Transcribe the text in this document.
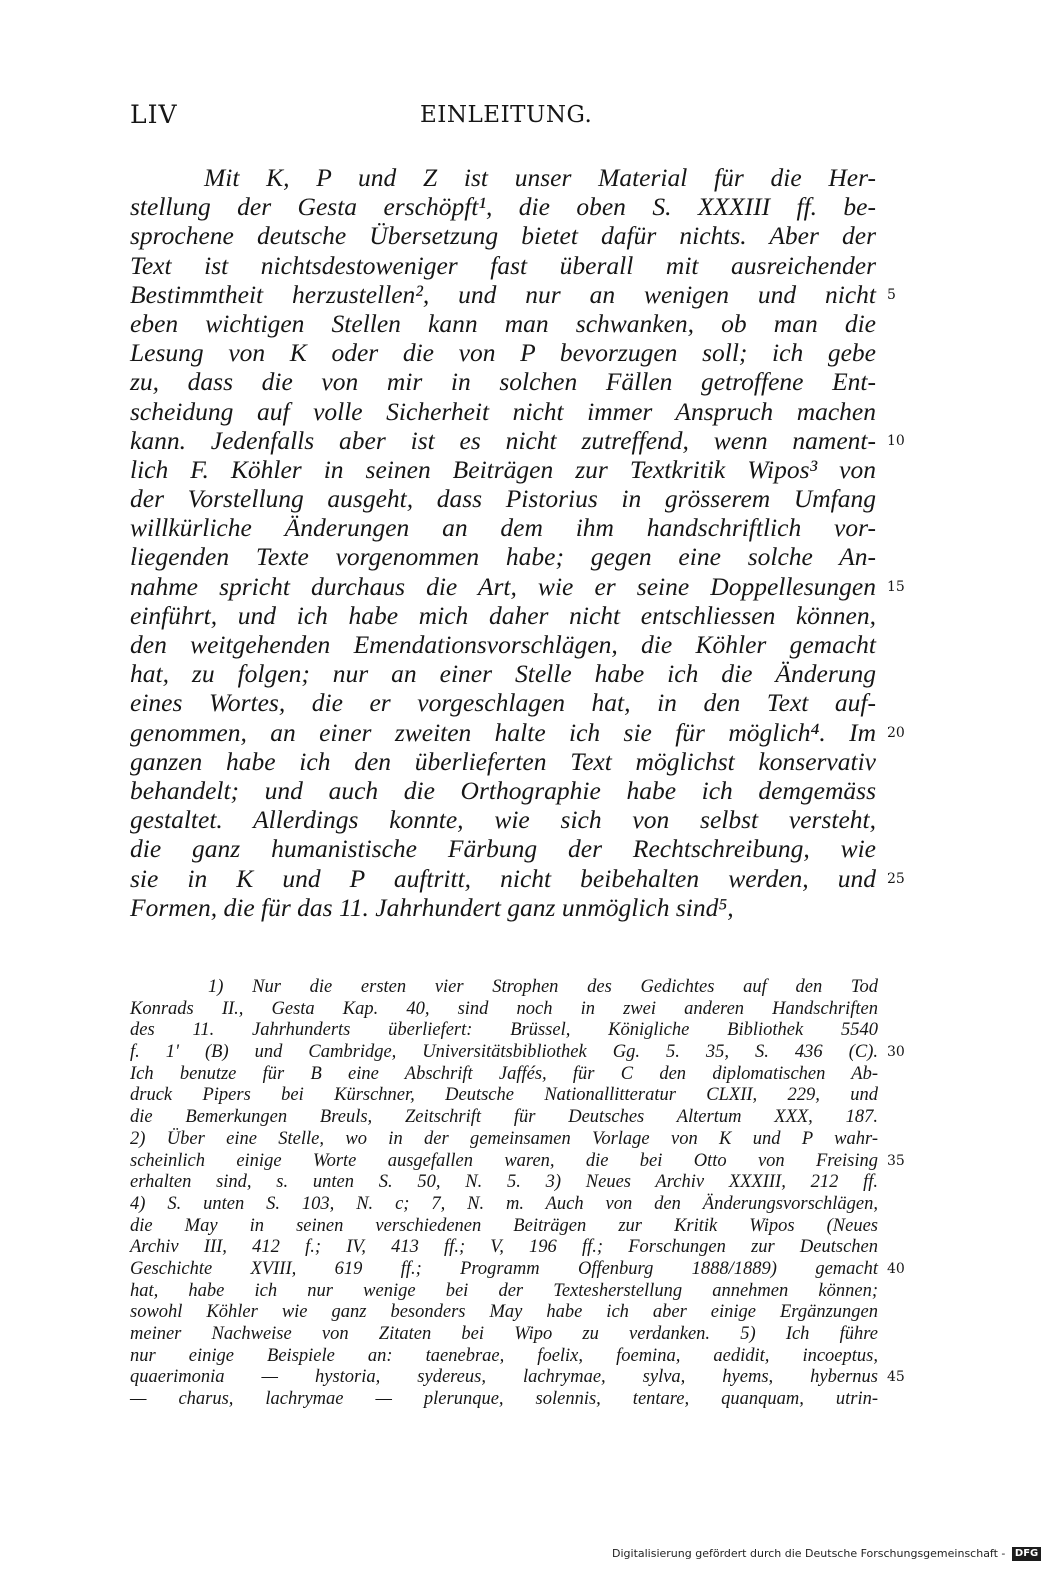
LIV	EINLEITUNG.
Mit K, P und Z ist unser Material für die Her-
stellung der Gesta erschöpft¹, die oben S. XXXIII ff. be-
sprochene deutsche Übersetzung bietet dafür nichts. Aber der
Text ist nichtsdestoweniger fast überall mit ausreichender
Bestimmtheit herzustellen², und nur an wenigen und nicht 5
eben wichtigen Stellen kann man schwanken, ob man die
Lesung von K oder die von P bevorzugen soll; ich gebe
zu, dass die von mir in solchen Fällen getroffene Ent-
scheidung auf volle Sicherheit nicht immer Anspruch machen
kann. Jedenfalls aber ist es nicht zutreffend, wenn nament- 10
lich F. Köhler in seinen Beiträgen zur Textkritik Wipos³ von
der Vorstellung ausgeht, dass Pistorius in grösserem Umfang
willkürliche Änderungen an dem ihm handschriftlich vor-
liegenden Texte vorgenommen habe; gegen eine solche An-
nahme spricht durchaus die Art, wie er seine Doppellesungen 15
einführt, und ich habe mich daher nicht entschliessen können,
den weitgehenden Emendationsvorschlägen, die Köhler gemacht
hat, zu folgen; nur an einer Stelle habe ich die Änderung
eines Wortes, die er vorgeschlagen hat, in den Text auf-
genommen, an einer zweiten halte ich sie für möglich⁴. Im 20
ganzen habe ich den überlieferten Text möglichst konservativ
behandelt; und auch die Orthographie habe ich demgemäss
gestaltet. Allerdings konnte, wie sich von selbst versteht,
die ganz humanistische Färbung der Rechtschreibung, wie
sie in K und P auftritt, nicht beibehalten werden, und 25
Formen, die für das 11. Jahrhundert ganz unmöglich sind⁵,
1) Nur die ersten vier Strophen des Gedichtes auf den Tod
Konrads II., Gesta Kap. 40, sind noch in zwei anderen Handschriften
des 11. Jahrhunderts überliefert: Brüssel, Königliche Bibliothek 5540
f. 1' (B) und Cambridge, Universitätsbibliothek Gg. 5. 35, S. 436 (C). 30
Ich benutze für B eine Abschrift Jaffés, für C den diplomatischen Ab-
druck Pipers bei Kürschner, Deutsche Nationallitteratur CLXII, 229, und
die Bemerkungen Breuls, Zeitschrift für Deutsches Altertum XXX, 187.
2) Über eine Stelle, wo in der gemeinsamen Vorlage von K und P wahr-
scheinlich einige Worte ausgefallen waren, die bei Otto von Freising 35
erhalten sind, s. unten S. 50, N. 5. 3) Neues Archiv XXXIII, 212 ff.
4) S. unten S. 103, N. c; 7, N. m. Auch von den Änderungsvorschlägen,
die May in seinen verschiedenen Beiträgen zur Kritik Wipos (Neues
Archiv III, 412 f.; IV, 413 ff.; V, 196 ff.; Forschungen zur Deutschen
Geschichte XVIII, 619 ff.; Programm Offenburg 1888/1889) gemacht 40
hat, habe ich nur wenige bei der Textesherstellung annehmen können;
sowohl Köhler wie ganz besonders May habe ich aber einige Ergänzungen
meiner Nachweise von Zitaten bei Wipo zu verdanken. 5) Ich führe
nur einige Beispiele an: taenebrae, foelix, foemina, aedidit, incoeptus,
quaerimonia — hystoria, sydereus, lachrymae, sylva, hyems, hybernus 45
— charus, lachrymae — plerunque, solennis, tentare, quanquam, utrin-
Digitalisierung gefördert durch die Deutsche Forschungsgemeinschaft - DFG
